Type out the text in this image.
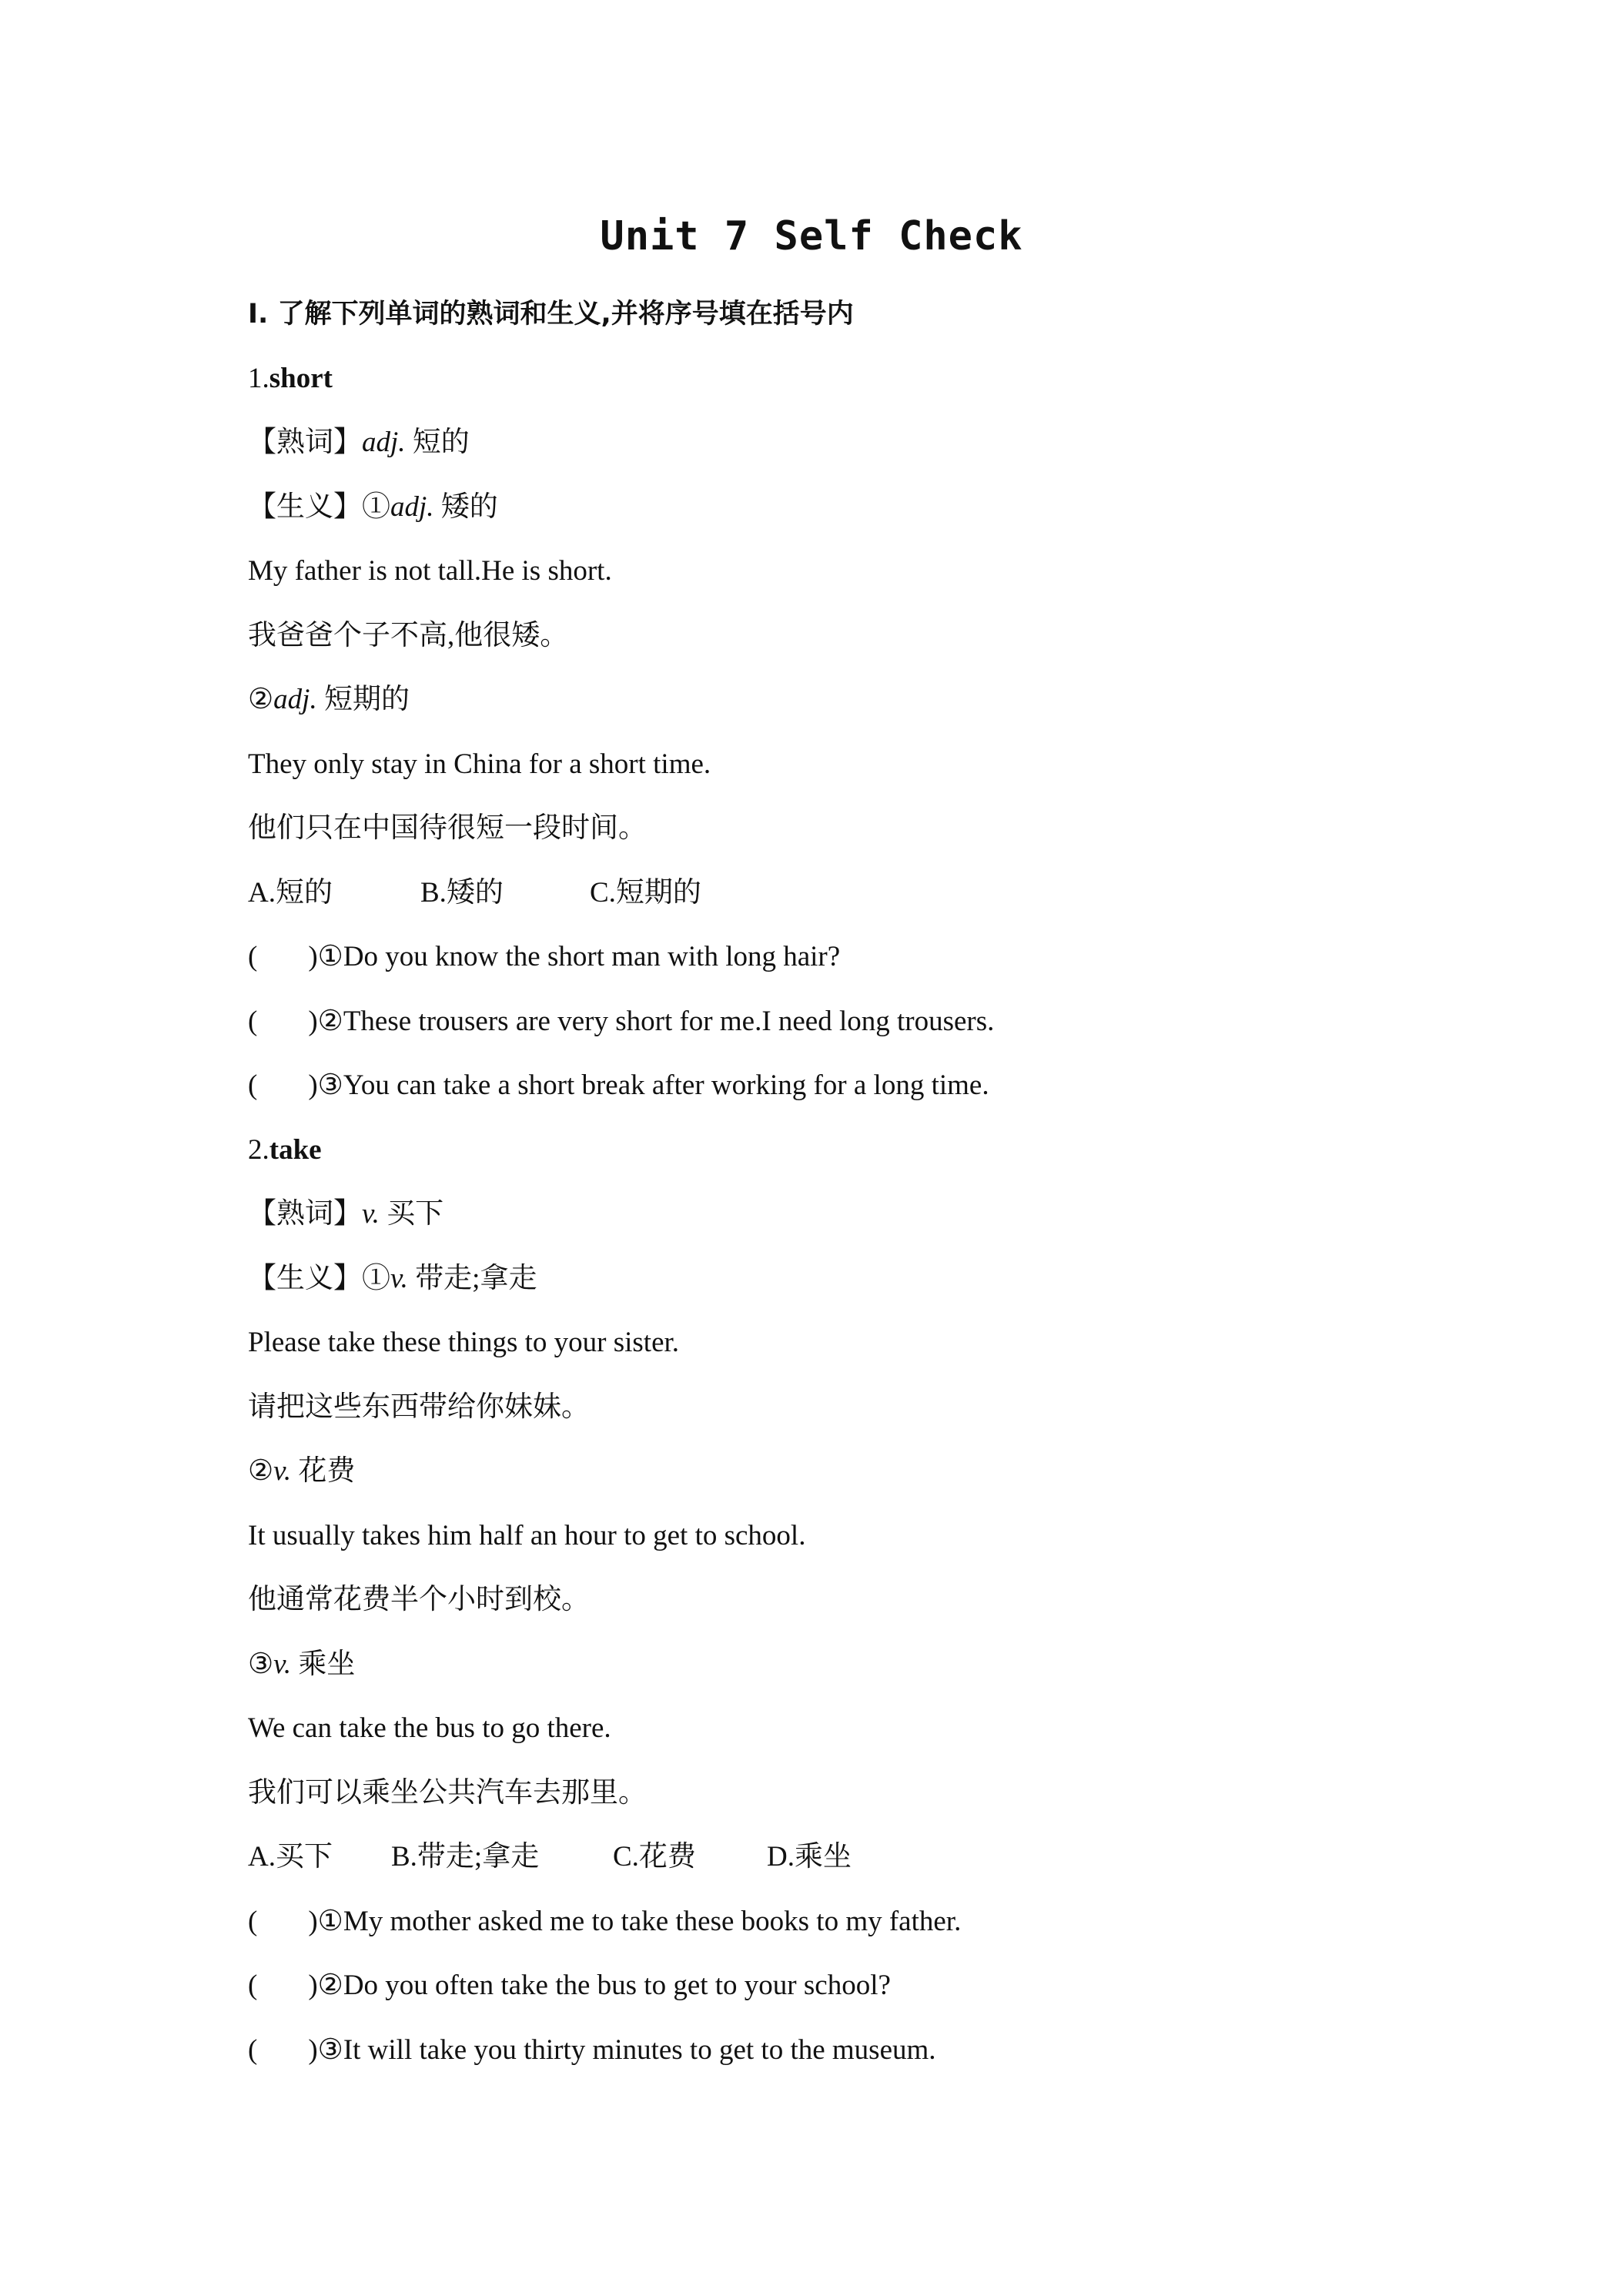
Unit 7 Self Check
Ⅰ. 了解下列单词的熟词和生义,并将序号填在括号内
1.short
【熟词】adj. 短的
【生义】①adj. 矮的
My father is not tall.He is short.
我爸爸个子不高,他很矮。
②adj. 短期的
They only stay in China for a short time.
他们只在中国待很短一段时间。
A.短的	B.矮的	C.短期的
( )①Do you know the short man with long hair?
( )②These trousers are very short for me.I need long trousers.
( )③You can take a short break after working for a long time.
2.take
【熟词】v. 买下
【生义】①v. 带走;拿走
Please take these things to your sister.
请把这些东西带给你妹妹。
②v. 花费
It usually takes him half an hour to get to school.
他通常花费半个小时到校。
③v. 乘坐
We can take the bus to go there.
我们可以乘坐公共汽车去那里。
A.买下 B.带走;拿走	C.花费 D.乘坐
( )①My mother asked me to take these books to my father.
( )②Do you often take the bus to get to your school?
( )③It will take you thirty minutes to get to the museum.
